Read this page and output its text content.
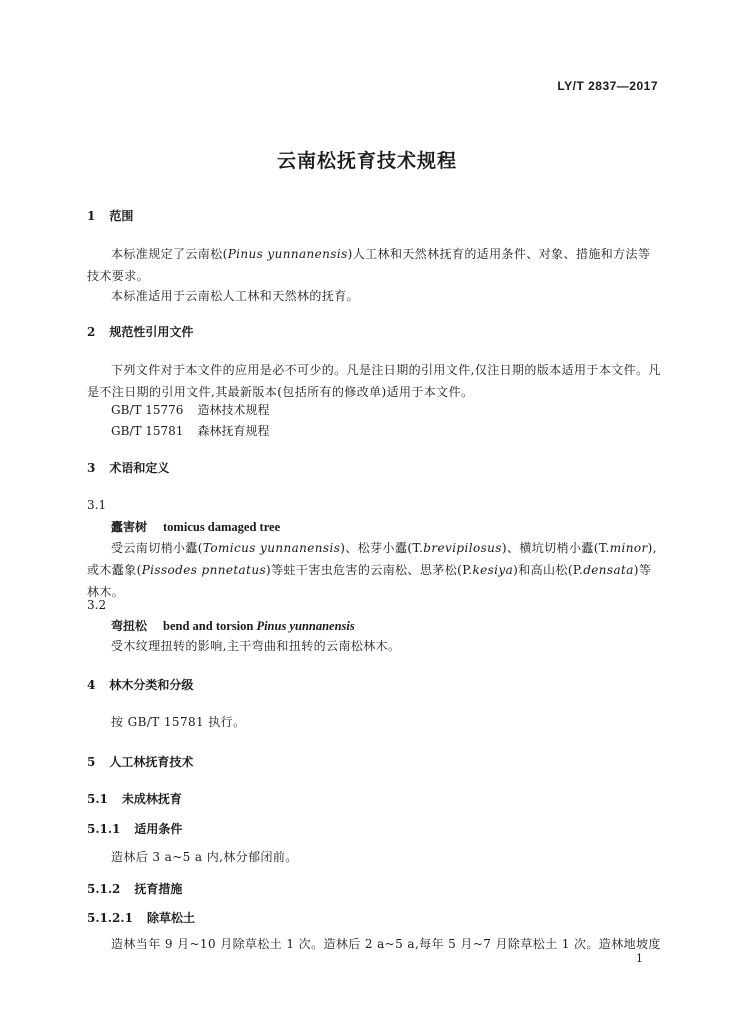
LY/T 2837—2017
云南松抚育技术规程
1 范围
本标准规定了云南松(Pinus yunnanensis)人工林和天然林抚育的适用条件、对象、措施和方法等技术要求。
本标准适用于云南松人工林和天然林的抚育。
2 规范性引用文件
下列文件对于本文件的应用是必不可少的。凡是注日期的引用文件,仅注日期的版本适用于本文件。凡是不注日期的引用文件,其最新版本(包括所有的修改单)适用于本文件。
GB/T 15776 造林技术规程
GB/T 15781 森林抚育规程
3 术语和定义
3.1
蠹害树 tomicus damaged tree
受云南切梢小蠹(Tomicus yunnanensis)、松芽小蠹(T.brevipilosus)、横坑切梢小蠹(T.minor),或木蠹象(Pissodes pnnetatus)等蛀干害虫危害的云南松、思茅松(P.kesiya)和高山松(P.densata)等林木。
3.2
弯扭松 bend and torsion Pinus yunnanensis
受木纹理扭转的影响,主干弯曲和扭转的云南松林木。
4 林木分类和分级
按 GB/T 15781 执行。
5 人工林抚育技术
5.1 未成林抚育
5.1.1 适用条件
造林后 3 a~5 a 内,林分郁闭前。
5.1.2 抚育措施
5.1.2.1 除草松土
造林当年 9 月~10 月除草松土 1 次。造林后 2 a~5 a,每年 5 月~7 月除草松土 1 次。造林地坡度
1
